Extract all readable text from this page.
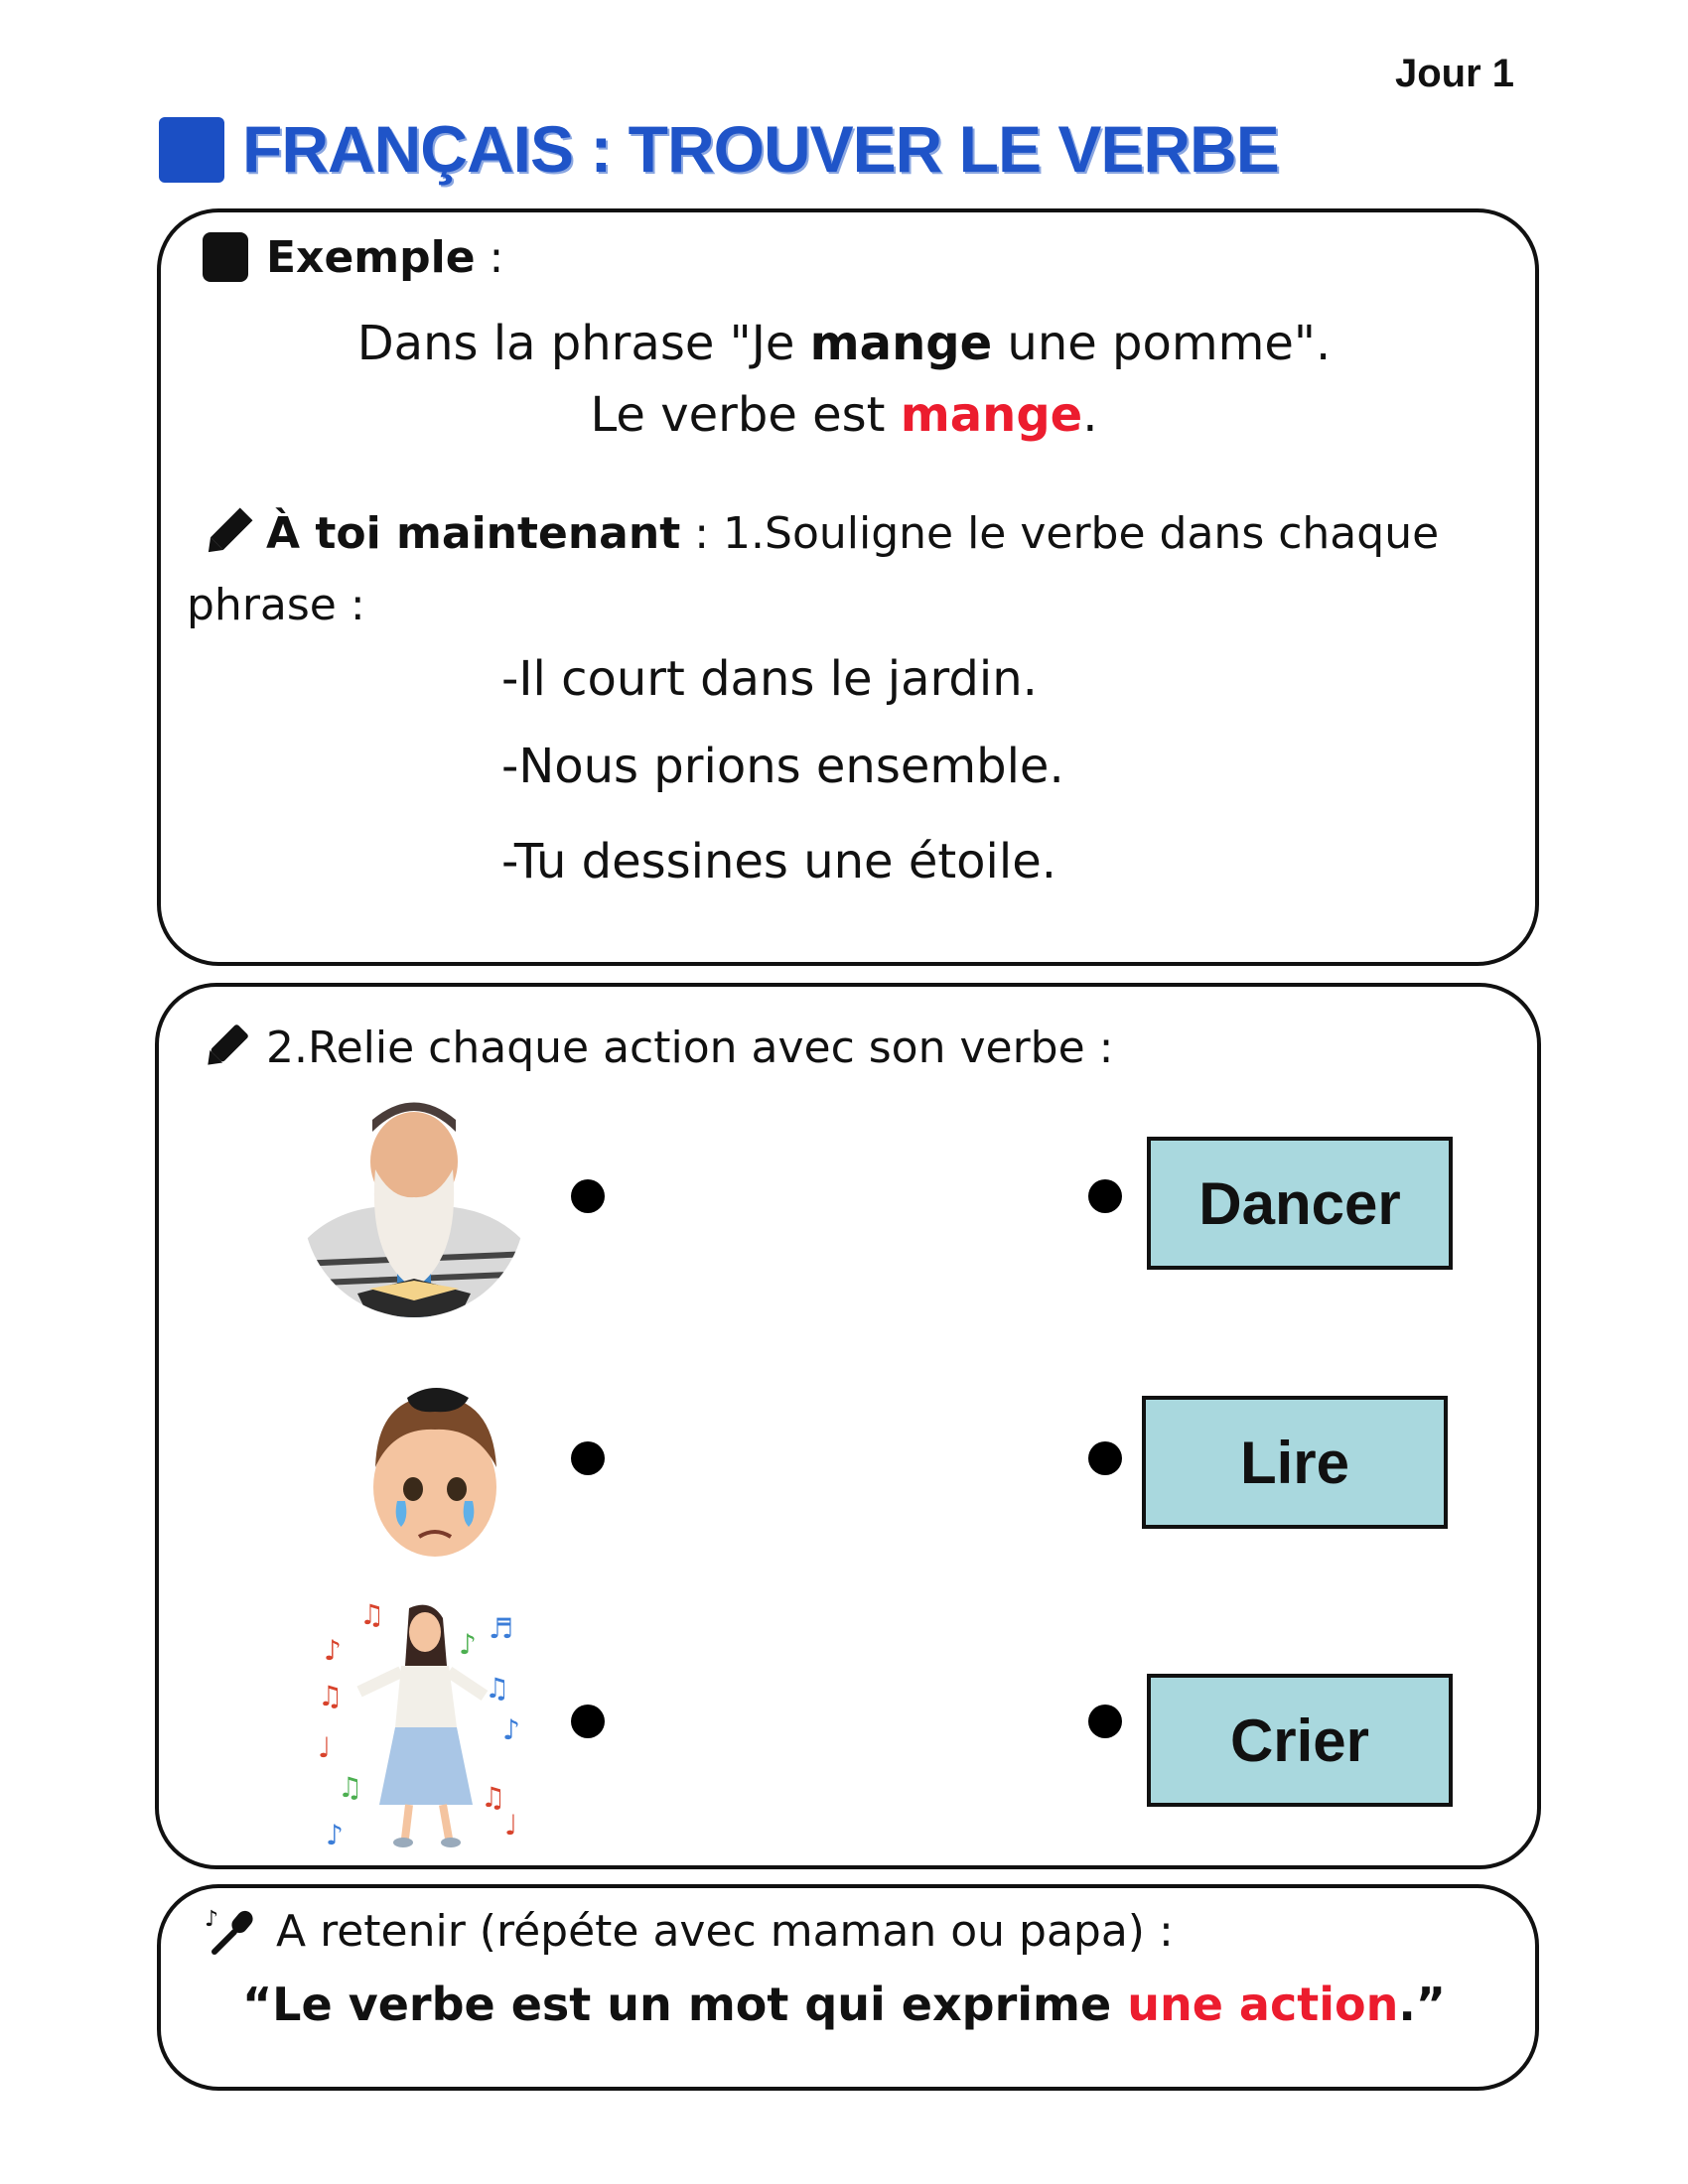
Jour 1
FRANÇAIS : TROUVER LE VERBE
Exemple :
Dans la phrase "Je mange une pomme".
Le verbe est mange.
À toi maintenant : 1.Souligne le verbe dans chaque
phrase :
-Il court dans le jardin.
-Nous prions ensemble.
-Tu dessines une étoile.
2.Relie chaque action avec son verbe :
♫
♪
♫
♩
♫
♪
♪ ♬
♫
♪
♫
♩
Dancer
Lire
Crier
♪ A retenir (répéte avec maman ou papa) :
“Le verbe est un mot qui exprime une action.”
